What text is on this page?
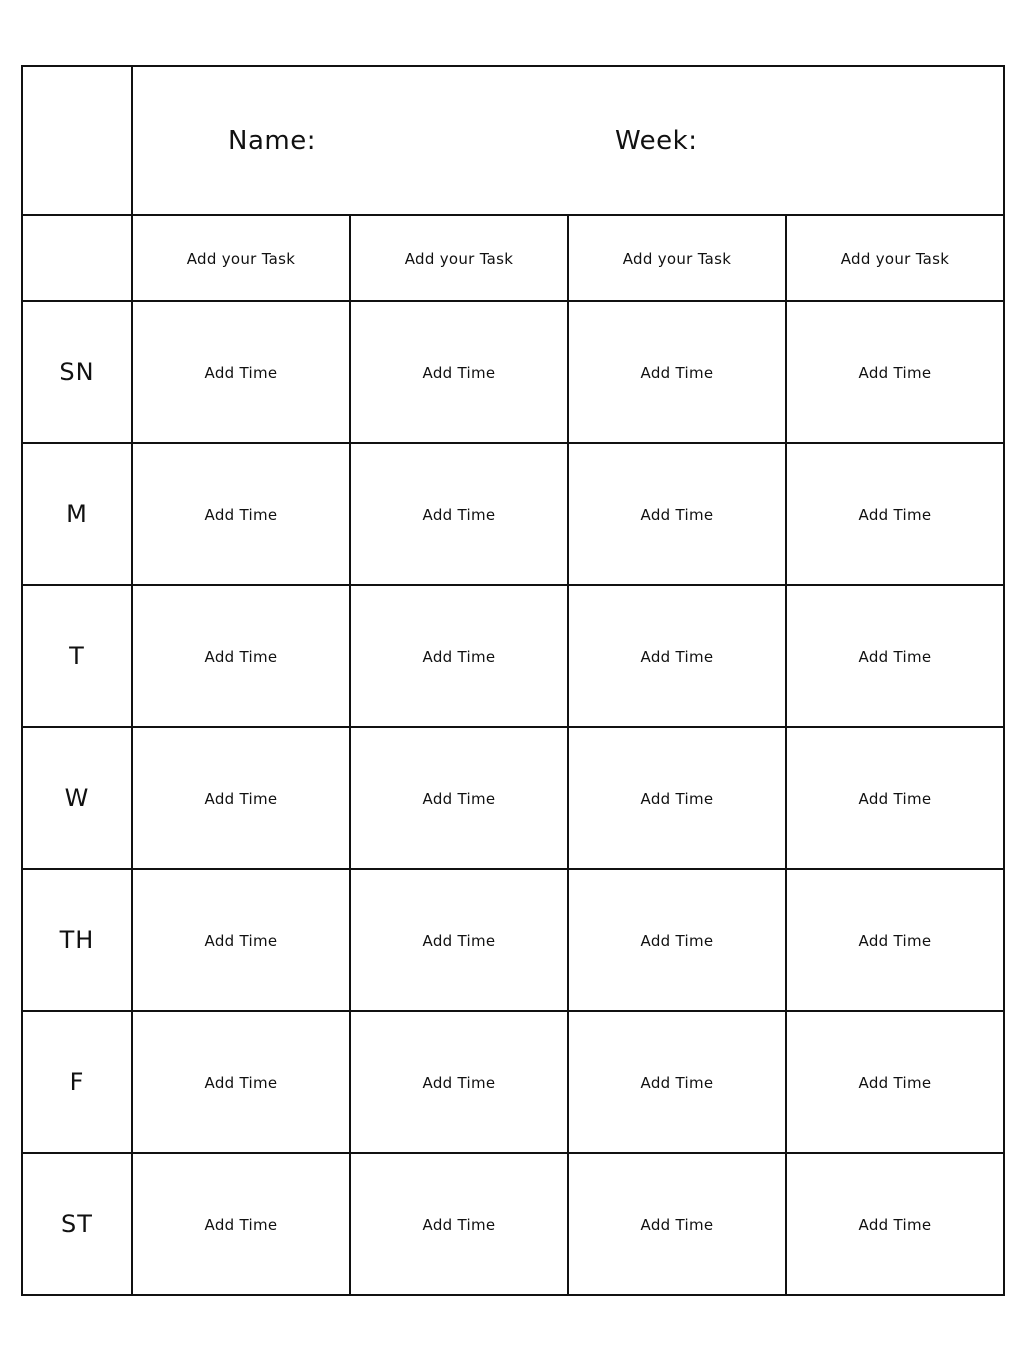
	Name: Week:			

	Add your Task	Add your Task	Add your Task	Add your Task
SN	Add Time	Add Time	Add Time	Add Time
M	Add Time	Add Time	Add Time	Add Time
T	Add Time	Add Time	Add Time	Add Time
W	Add Time	Add Time	Add Time	Add Time
TH	Add Time	Add Time	Add Time	Add Time
F	Add Time	Add Time	Add Time	Add Time
ST	Add Time	Add Time	Add Time	Add Time
